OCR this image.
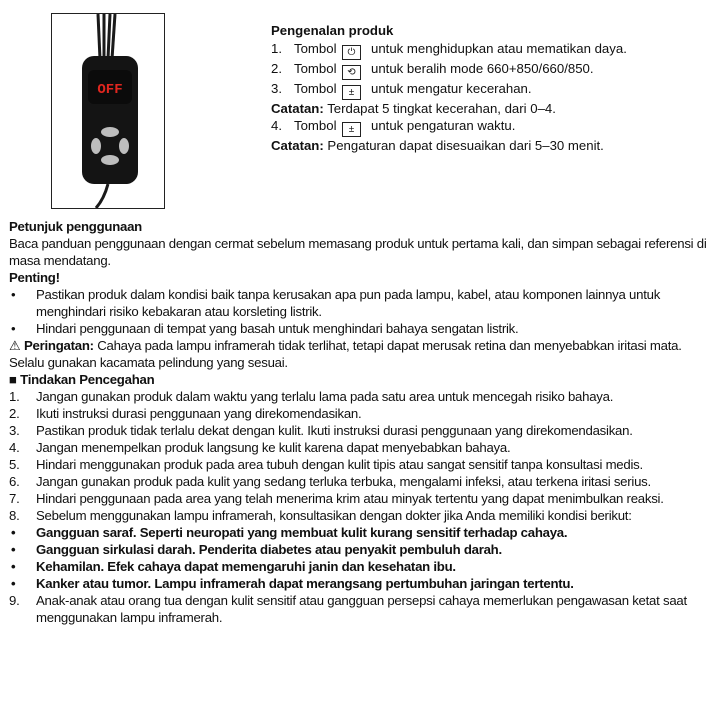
OFF
Pengenalan produk
1. Tombol ⏻ untuk menghidupkan atau mematikan daya.
2. Tombol ⟲ untuk beralih mode 660+850/660/850.
3. Tombol ± untuk mengatur kecerahan.
Catatan: Terdapat 5 tingkat kecerahan, dari 0–4.
4. Tombol ± untuk pengaturan waktu.
Catatan: Pengaturan dapat disesuaikan dari 5–30 menit.
Petunjuk penggunaan
Baca panduan penggunaan dengan cermat sebelum memasang produk untuk pertama kali, dan simpan sebagai referensi di masa mendatang.
Penting!
• Pastikan produk dalam kondisi baik tanpa kerusakan apa pun pada lampu, kabel, atau komponen lainnya untuk menghindari risiko kebakaran atau korsleting listrik.
• Hindari penggunaan di tempat yang basah untuk menghindari bahaya sengatan listrik.
⚠ Peringatan: Cahaya pada lampu inframerah tidak terlihat, tetapi dapat merusak retina dan menyebabkan iritasi mata. Selalu gunakan kacamata pelindung yang sesuai.
■ Tindakan Pencegahan
1.	Jangan gunakan produk dalam waktu yang terlalu lama pada satu area untuk mencegah risiko bahaya.
2.	Ikuti instruksi durasi penggunaan yang direkomendasikan.
3.	Pastikan produk tidak terlalu dekat dengan kulit. Ikuti instruksi durasi penggunaan yang direkomendasikan.
4.	Jangan menempelkan produk langsung ke kulit karena dapat menyebabkan bahaya.
5.	Hindari menggunakan produk pada area tubuh dengan kulit tipis atau sangat sensitif tanpa konsultasi medis.
6.	Jangan gunakan produk pada kulit yang sedang terluka terbuka, mengalami infeksi, atau terkena iritasi serius.
7.	Hindari penggunaan pada area yang telah menerima krim atau minyak tertentu yang dapat menimbulkan reaksi.
8.	Sebelum menggunakan lampu inframerah, konsultasikan dengan dokter jika Anda memiliki kondisi berikut:
• Gangguan saraf. Seperti neuropati yang membuat kulit kurang sensitif terhadap cahaya.
• Gangguan sirkulasi darah. Penderita diabetes atau penyakit pembuluh darah.
• Kehamilan. Efek cahaya dapat memengaruhi janin dan kesehatan ibu.
• Kanker atau tumor. Lampu inframerah dapat merangsang pertumbuhan jaringan tertentu.
9.	Anak-anak atau orang tua dengan kulit sensitif atau gangguan persepsi cahaya memerlukan pengawasan ketat saat menggunakan lampu inframerah.
